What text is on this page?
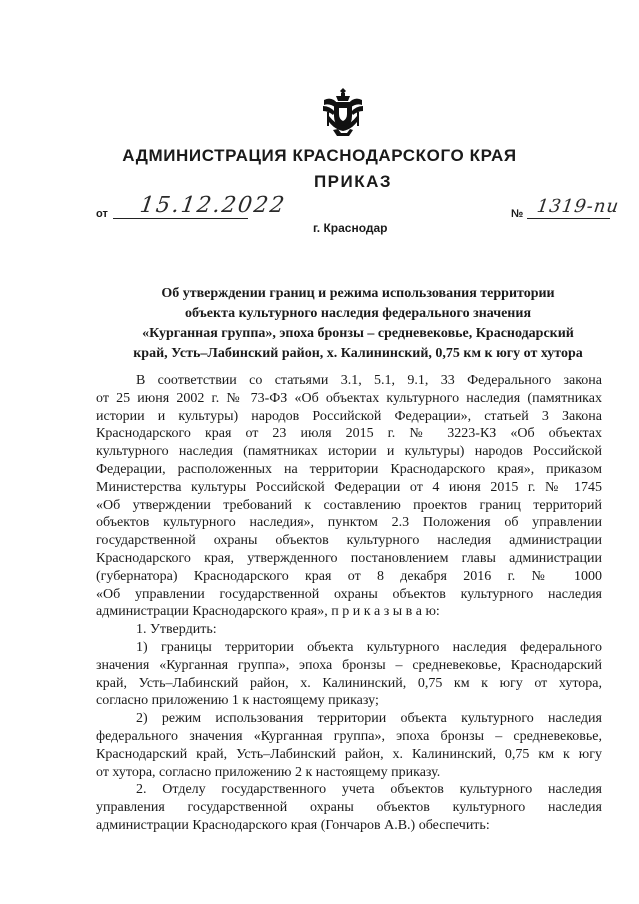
АДМИНИСТРАЦИЯ КРАСНОДАРСКОГО КРАЯ
ПРИКАЗ
от 15.12.2022	№ 1319-пи
г. Краснодар
Об утверждении границ и режима использования территории
объекта культурного наследия федерального значения
«Курганная группа», эпоха бронзы – средневековье, Краснодарский
край, Усть–Лабинский район, х. Калининский, 0,75 км к югу от хутора
В соответствии со статьями 3.1, 5.1, 9.1, 33 Федерального закона
от 25 июня 2002 г. № 73-ФЗ «Об объектах культурного наследия (памятниках
истории и культуры) народов Российской Федерации», статьей 3 Закона
Краснодарского края от 23 июля 2015 г. № 3223-КЗ «Об объектах
культурного наследия (памятниках истории и культуры) народов Российской
Федерации, расположенных на территории Краснодарского края», приказом
Министерства культуры Российской Федерации от 4 июня 2015 г. № 1745
«Об утверждении требований к составлению проектов границ территорий
объектов культурного наследия», пунктом 2.3 Положения об управлении
государственной охраны объектов культурного наследия администрации
Краснодарского края, утвержденного постановлением главы администрации
(губернатора) Краснодарского края от 8 декабря 2016 г. № 1000
«Об управлении государственной охраны объектов культурного наследия
администрации Краснодарского края», п р и к а з ы в а ю:
1. Утвердить:
1) границы территории объекта культурного наследия федерального
значения «Курганная группа», эпоха бронзы – средневековье, Краснодарский
край, Усть–Лабинский район, х. Калининский, 0,75 км к югу от хутора,
согласно приложению 1 к настоящему приказу;
2) режим использования территории объекта культурного наследия
федерального значения «Курганная группа», эпоха бронзы – средневековье,
Краснодарский край, Усть–Лабинский район, х. Калининский, 0,75 км к югу
от хутора, согласно приложению 2 к настоящему приказу.
2. Отделу государственного учета объектов культурного наследия
управления государственной охраны объектов культурного наследия
администрации Краснодарского края (Гончаров А.В.) обеспечить:
